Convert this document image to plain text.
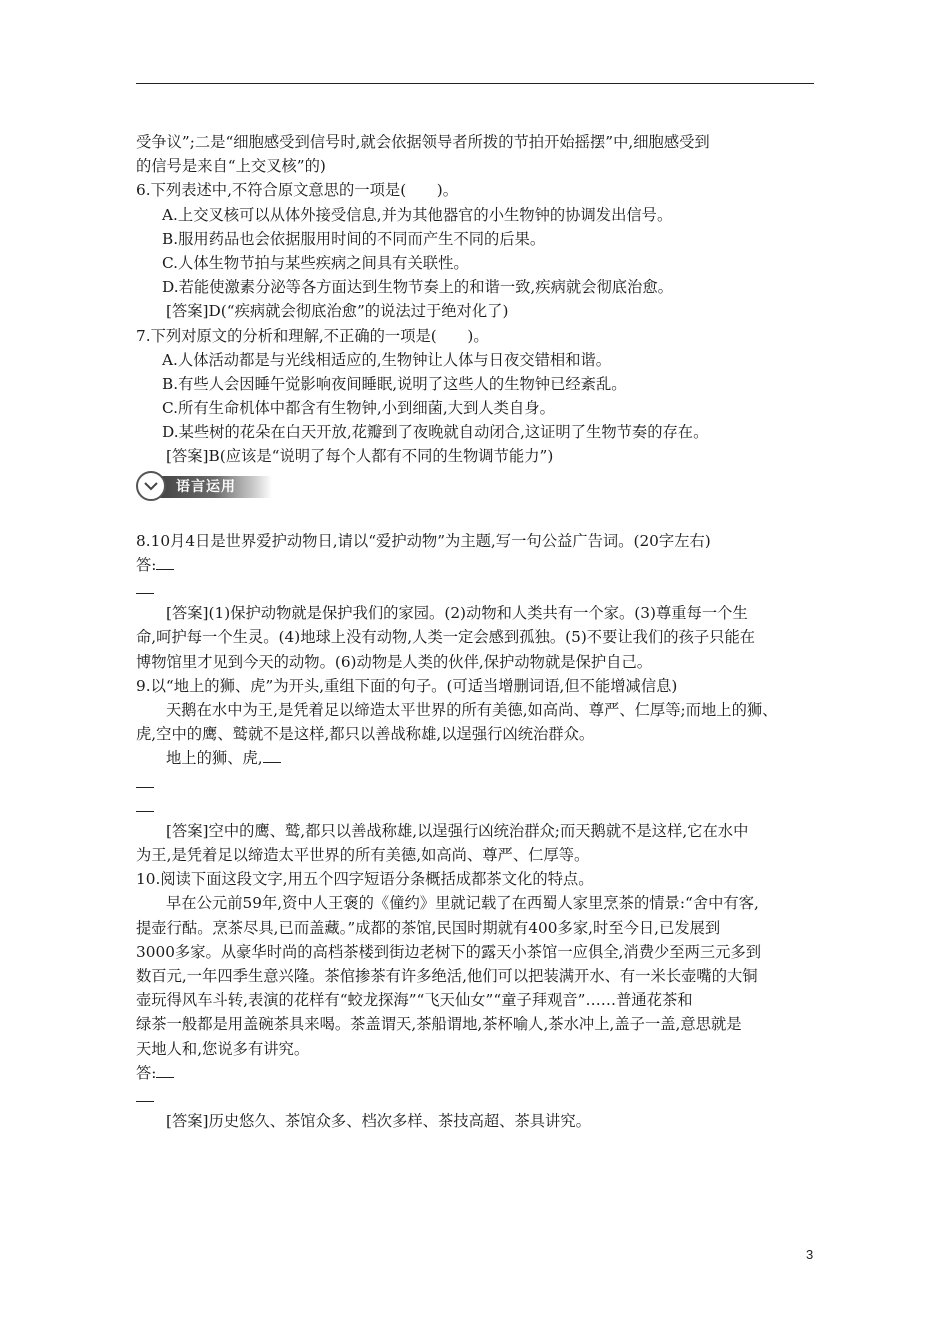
受争议”;二是“细胞感受到信号时,就会依据领导者所拨的节拍开始摇摆”中,细胞感受到
的信号是来自“上交叉核”的)
6.下列表述中,不符合原文意思的一项是(　　)。
A.上交叉核可以从体外接受信息,并为其他器官的小生物钟的协调发出信号。
B.服用药品也会依据服用时间的不同而产生不同的后果。
C.人体生物节拍与某些疾病之间具有关联性。
D.若能使激素分泌等各方面达到生物节奏上的和谐一致,疾病就会彻底治愈。
[答案]D(“疾病就会彻底治愈”的说法过于绝对化了)
7.下列对原文的分析和理解,不正确的一项是(　　)。
A.人体活动都是与光线相适应的,生物钟让人体与日夜交错相和谐。
B.有些人会因睡午觉影响夜间睡眠,说明了这些人的生物钟已经紊乱。
C.所有生命机体中都含有生物钟,小到细菌,大到人类自身。
D.某些树的花朵在白天开放,花瓣到了夜晚就自动闭合,这证明了生物节奏的存在。
[答案]B(应该是“说明了每个人都有不同的生物调节能力”)
语言运用
8.10月4日是世界爱护动物日,请以“爱护动物”为主题,写一句公益广告词。(20字左右)
答:
[答案](1)保护动物就是保护我们的家园。(2)动物和人类共有一个家。(3)尊重每一个生
命,呵护每一个生灵。(4)地球上没有动物,人类一定会感到孤独。(5)不要让我们的孩子只能在
博物馆里才见到今天的动物。(6)动物是人类的伙伴,保护动物就是保护自己。
9.以“地上的狮、虎”为开头,重组下面的句子。(可适当增删词语,但不能增减信息)
天鹅在水中为王,是凭着足以缔造太平世界的所有美德,如高尚、尊严、仁厚等;而地上的狮、
虎,空中的鹰、鹫就不是这样,都只以善战称雄,以逞强行凶统治群众。
地上的狮、虎,
[答案]空中的鹰、鹫,都只以善战称雄,以逞强行凶统治群众;而天鹅就不是这样,它在水中
为王,是凭着足以缔造太平世界的所有美德,如高尚、尊严、仁厚等。
10.阅读下面这段文字,用五个四字短语分条概括成都茶文化的特点。
早在公元前59年,资中人王褒的《僮约》里就记载了在西蜀人家里烹茶的情景:“舍中有客,
提壶行酤。烹茶尽具,已而盖藏。”成都的茶馆,民国时期就有400多家,时至今日,已发展到
3000多家。从豪华时尚的高档茶楼到街边老树下的露天小茶馆一应俱全,消费少至两三元多到
数百元,一年四季生意兴隆。茶倌掺茶有许多绝活,他们可以把装满开水、有一米长壶嘴的大铜
壶玩得风车斗转,表演的花样有“蛟龙探海”“飞天仙女”“童子拜观音”……普通花茶和
绿茶一般都是用盖碗茶具来喝。茶盖谓天,茶船谓地,茶杯喻人,茶水冲上,盖子一盖,意思就是
天地人和,您说多有讲究。
答:
[答案]历史悠久、茶馆众多、档次多样、茶技高超、茶具讲究。
3
